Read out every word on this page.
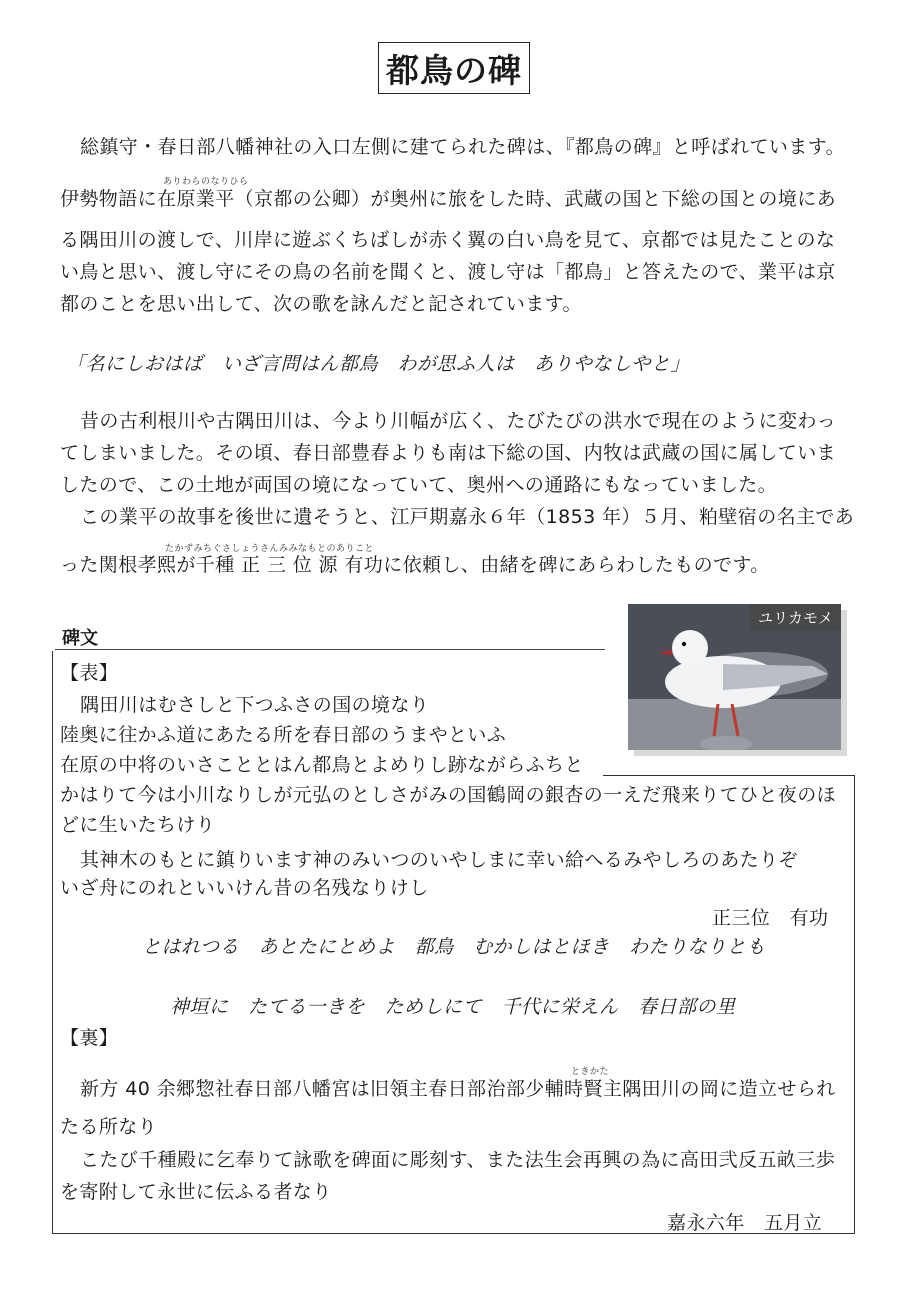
都鳥の碑
総鎮守・春日部八幡神社の入口左側に建てられた碑は、『都鳥の碑』と呼ばれています。
ありわらのなりひら
伊勢物語に在原業平（京都の公卿）が奥州に旅をした時、武蔵の国と下総の国との境にあ
る隅田川の渡しで、川岸に遊ぶくちばしが赤く翼の白い鳥を見て、京都では見たことのな
い鳥と思い、渡し守にその鳥の名前を聞くと、渡し守は「都鳥」と答えたので、業平は京
都のことを思い出して、次の歌を詠んだと記されています。
「名にしおはば　いざ言問はん都鳥　わが思ふ人は　ありやなしやと」
昔の古利根川や古隅田川は、今より川幅が広く、たびたびの洪水で現在のように変わっ
てしまいました。その頃、春日部豊春よりも南は下総の国、内牧は武蔵の国に属していま
したので、この土地が両国の境になっていて、奥州への通路にもなっていました。
この業平の故事を後世に遺そうと、江戸期嘉永６年（1853 年）５月、粕壁宿の名主であ
たかずみ ちぐさしょうさんみみなもとのありこと
った関根孝熙が千種 正 三 位 源 有功に依頼し、由緒を碑にあらわしたものです。
ユリカモメ
碑文
【表】
隅田川はむさしと下つふさの国の境なり
陸奥に往かふ道にあたる所を春日部のうまやといふ
在原の中将のいさこととはん都鳥とよめりし跡ながらふちと
かはりて今は小川なりしが元弘のとしさがみの国鶴岡の銀杏の一えだ飛来りてひと夜のほ
どに生いたちけり
其神木のもとに鎮りいます神のみいつのいやしまに幸い給へるみやしろのあたりぞ
いざ舟にのれといいけん昔の名残なりけし
正三位　有功
とはれつる　あとたにとめよ　都鳥　むかしはとほき　わたりなりとも
神垣に　たてる一きを　ためしにて　千代に栄えん　春日部の里
【裏】
ときかた
新方 40 余郷惣社春日部八幡宮は旧領主春日部治部少輔時賢主隅田川の岡に造立せられ
たる所なり
こたび千種殿に乞奉りて詠歌を碑面に彫刻す、また法生会再興の為に高田弐反五畝三歩
を寄附して永世に伝ふる者なり
嘉永六年　五月立
